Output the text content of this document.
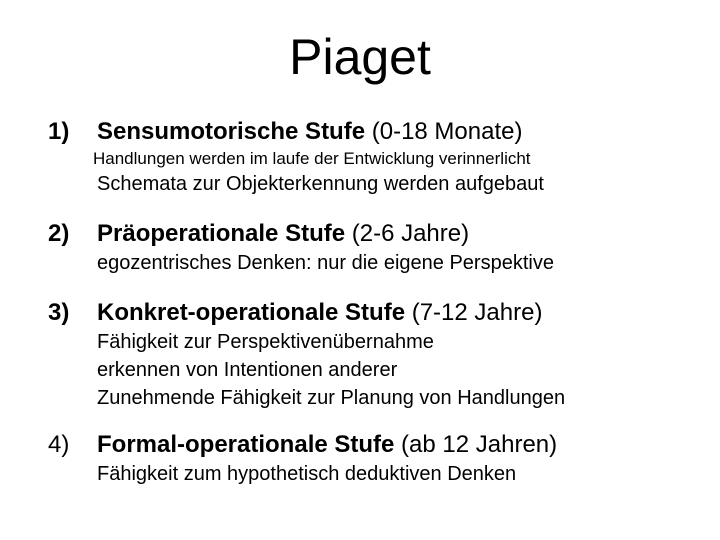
Piaget
1)	Sensumotorische Stufe (0-18 Monate)
Handlungen werden im laufe der Entwicklung verinnerlicht
Schemata zur Objekterkennung werden aufgebaut
2)	Präoperationale Stufe (2-6 Jahre)
egozentrisches Denken: nur die eigene Perspektive
3)	Konkret-operationale Stufe (7-12 Jahre)
Fähigkeit zur Perspektivenübernahme
erkennen von Intentionen anderer
Zunehmende Fähigkeit zur Planung von Handlungen
4)	Formal-operationale Stufe (ab 12 Jahren)
Fähigkeit zum hypothetisch deduktiven Denken
